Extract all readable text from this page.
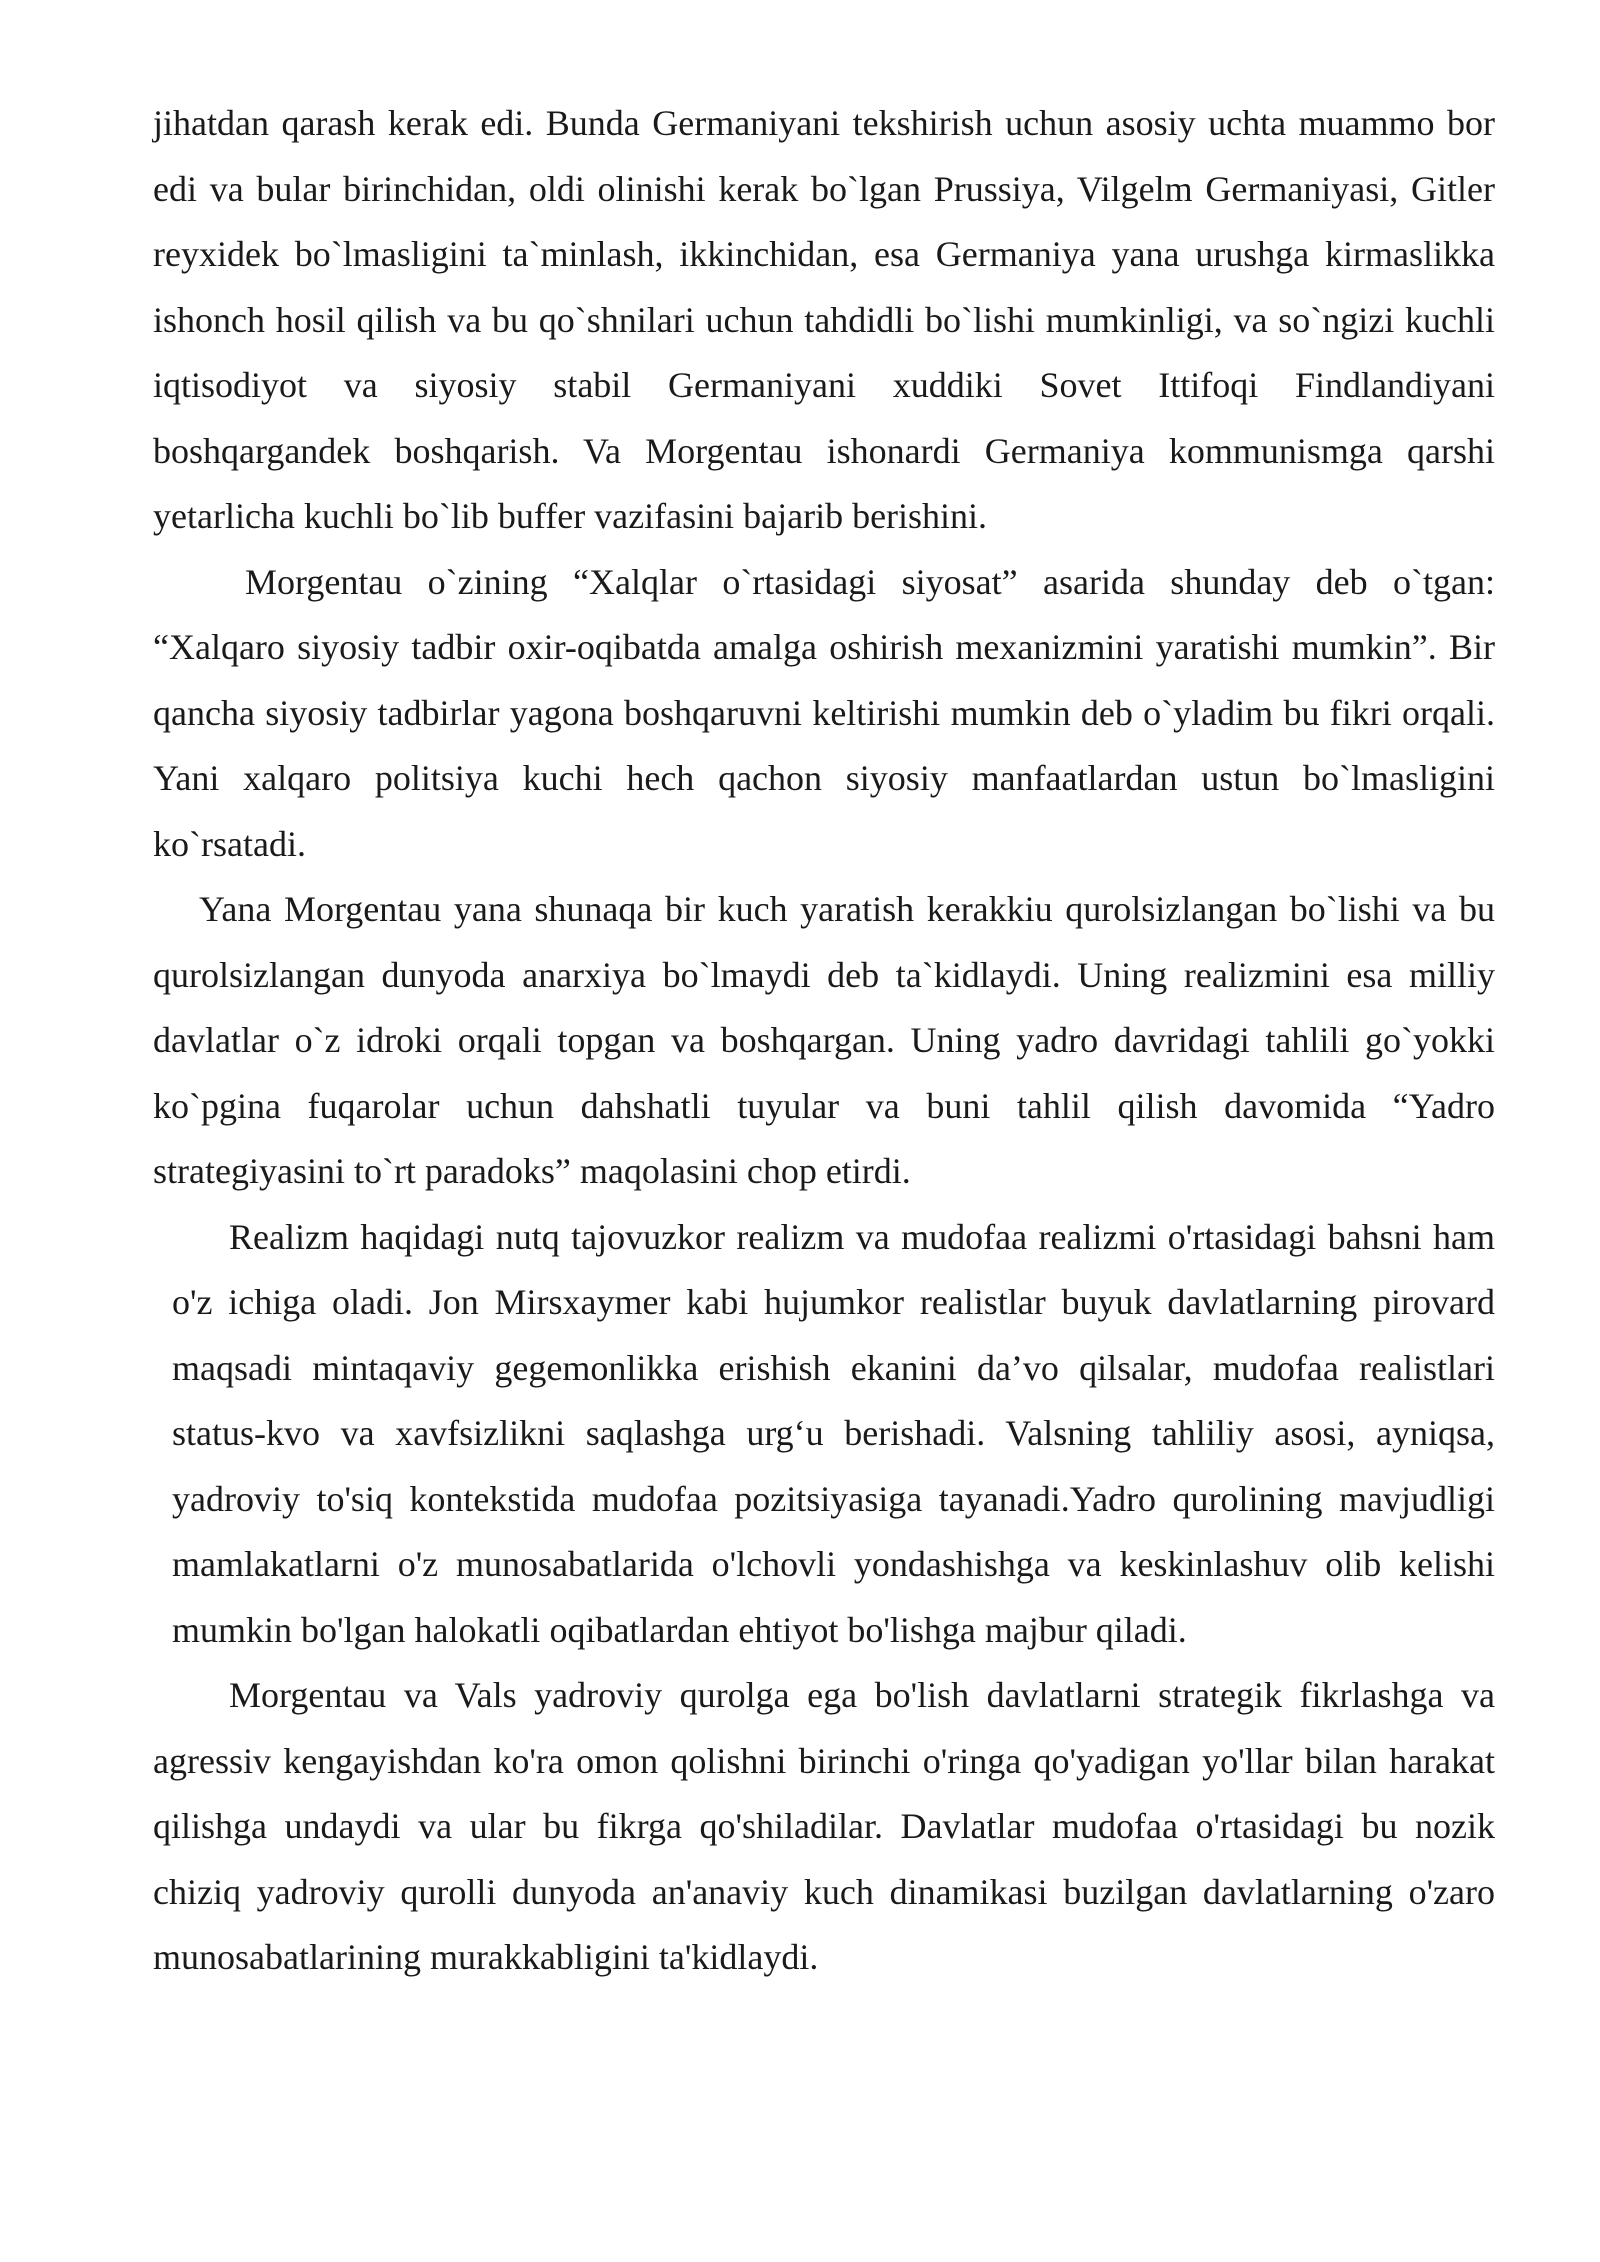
jihatdan qarash kerak edi. Bunda Germaniyani tekshirish uchun asosiy uchta muammo bor edi va bular birinchidan, oldi olinishi kerak bo`lgan Prussiya, Vilgelm Germaniyasi, Gitler reyxidek bo`lmasligini ta`minlash, ikkinchidan, esa Germaniya yana urushga kirmaslikka ishonch hosil qilish va bu qo`shnilari uchun tahdidli bo`lishi mumkinligi, va so`ngizi kuchli iqtisodiyot va siyosiy stabil Germaniyani xuddiki Sovet Ittifoqi Findlandiyani boshqargandek boshqarish. Va Morgentau ishonardi Germaniya kommunismga qarshi yetarlicha kuchli bo`lib buffer vazifasini bajarib berishini.

Morgentau o`zining “Xalqlar o`rtasidagi siyosat” asarida shunday deb o`tgan: “Xalqaro siyosiy tadbir oxir-oqibatda amalga oshirish mexanizmini yaratishi mumkin”. Bir qancha siyosiy tadbirlar yagona boshqaruvni keltirishi mumkin deb o`yladim bu fikri orqali. Yani xalqaro politsiya kuchi hech qachon siyosiy manfaatlardan ustun bo`lmasligini ko`rsatadi.

Yana Morgentau yana shunaqa bir kuch yaratish kerakkiu qurolsizlangan bo`lishi va bu qurolsizlangan dunyoda anarxiya bo`lmaydi deb ta`kidlaydi. Uning realizmini esa milliy davlatlar o`z idroki orqali topgan va boshqargan. Uning yadro davridagi tahlili go`yokki ko`pgina fuqarolar uchun dahshatli tuyular va buni tahlil qilish davomida “Yadro strategiyasini to`rt paradoks” maqolasini chop etirdi.

Realizm haqidagi nutq tajovuzkor realizm va mudofaa realizmi o'rtasidagi bahsni ham o'z ichiga oladi. Jon Mirsxaymer kabi hujumkor realistlar buyuk davlatlarning pirovard maqsadi mintaqaviy gegemonlikka erishish ekanini da’vo qilsalar, mudofaa realistlari status-kvo va xavfsizlikni saqlashga urg‘u berishadi. Valsning tahliliy asosi, ayniqsa, yadroviy to'siq kontekstida mudofaa pozitsiyasiga tayanadi.Yadro qurolining mavjudligi mamlakatlarni o'z munosabatlarida o'lchovli yondashishga va keskinlashuv olib kelishi mumkin bo'lgan halokatli oqibatlardan ehtiyot bo'lishga majbur qiladi.

Morgentau va Vals yadroviy qurolga ega bo'lish davlatlarni strategik fikrlashga va agressiv kengayishdan ko'ra omon qolishni birinchi o'ringa qo'yadigan yo'llar bilan harakat qilishga undaydi va ular bu fikrga qo'shiladilar. Davlatlar mudofaa o'rtasidagi bu nozik chiziq yadroviy qurolli dunyoda an'anaviy kuch dinamikasi buzilgan davlatlarning o'zaro munosabatlarining murakkabligini ta'kidlaydi.
